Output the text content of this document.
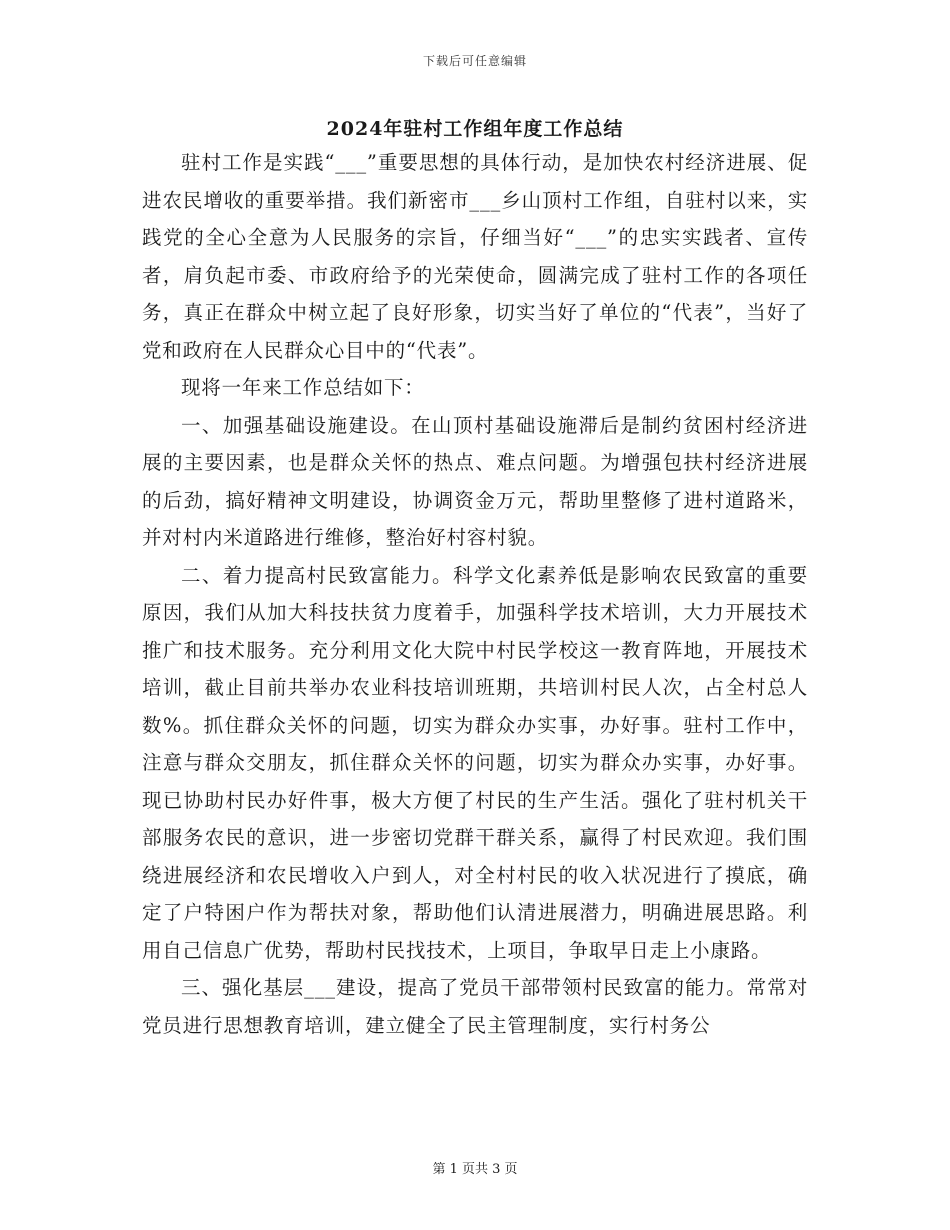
下载后可任意编辑
2024年驻村工作组年度工作总结

驻村工作是实践“___”重要思想的具体行动，是加快农村经济进展、促进农民增收的重要举措。我们新密市___乡山顶村工作组，自驻村以来，实践党的全心全意为人民服务的宗旨，仔细当好“___”的忠实实践者、宣传者，肩负起市委、市政府给予的光荣使命，圆满完成了驻村工作的各项任务，真正在群众中树立起了良好形象，切实当好了单位的“代表”，当好了党和政府在人民群众心目中的“代表”。

现将一年来工作总结如下：

一、加强基础设施建设。在山顶村基础设施滞后是制约贫困村经济进展的主要因素，也是群众关怀的热点、难点问题。为增强包扶村经济进展的后劲，搞好精神文明建设，协调资金万元，帮助里整修了进村道路米，并对村内米道路进行维修，整治好村容村貌。

二、着力提高村民致富能力。科学文化素养低是影响农民致富的重要原因，我们从加大科技扶贫力度着手，加强科学技术培训，大力开展技术推广和技术服务。充分利用文化大院中村民学校这一教育阵地，开展技术培训，截止目前共举办农业科技培训班期，共培训村民人次，占全村总人数%。抓住群众关怀的问题，切实为群众办实事，办好事。驻村工作中，注意与群众交朋友，抓住群众关怀的问题，切实为群众办实事，办好事。现已协助村民办好件事，极大方便了村民的生产生活。强化了驻村机关干部服务农民的意识，进一步密切党群干群关系，赢得了村民欢迎。我们围绕进展经济和农民增收入户到人，对全村村民的收入状况进行了摸底，确定了户特困户作为帮扶对象，帮助他们认清进展潜力，明确进展思路。利用自己信息广优势，帮助村民找技术，上项目，争取早日走上小康路。

三、强化基层___建设，提高了党员干部带领村民致富的能力。常常对党员进行思想教育培训，建立健全了民主管理制度，实行村务公

第 1 页共 3 页
